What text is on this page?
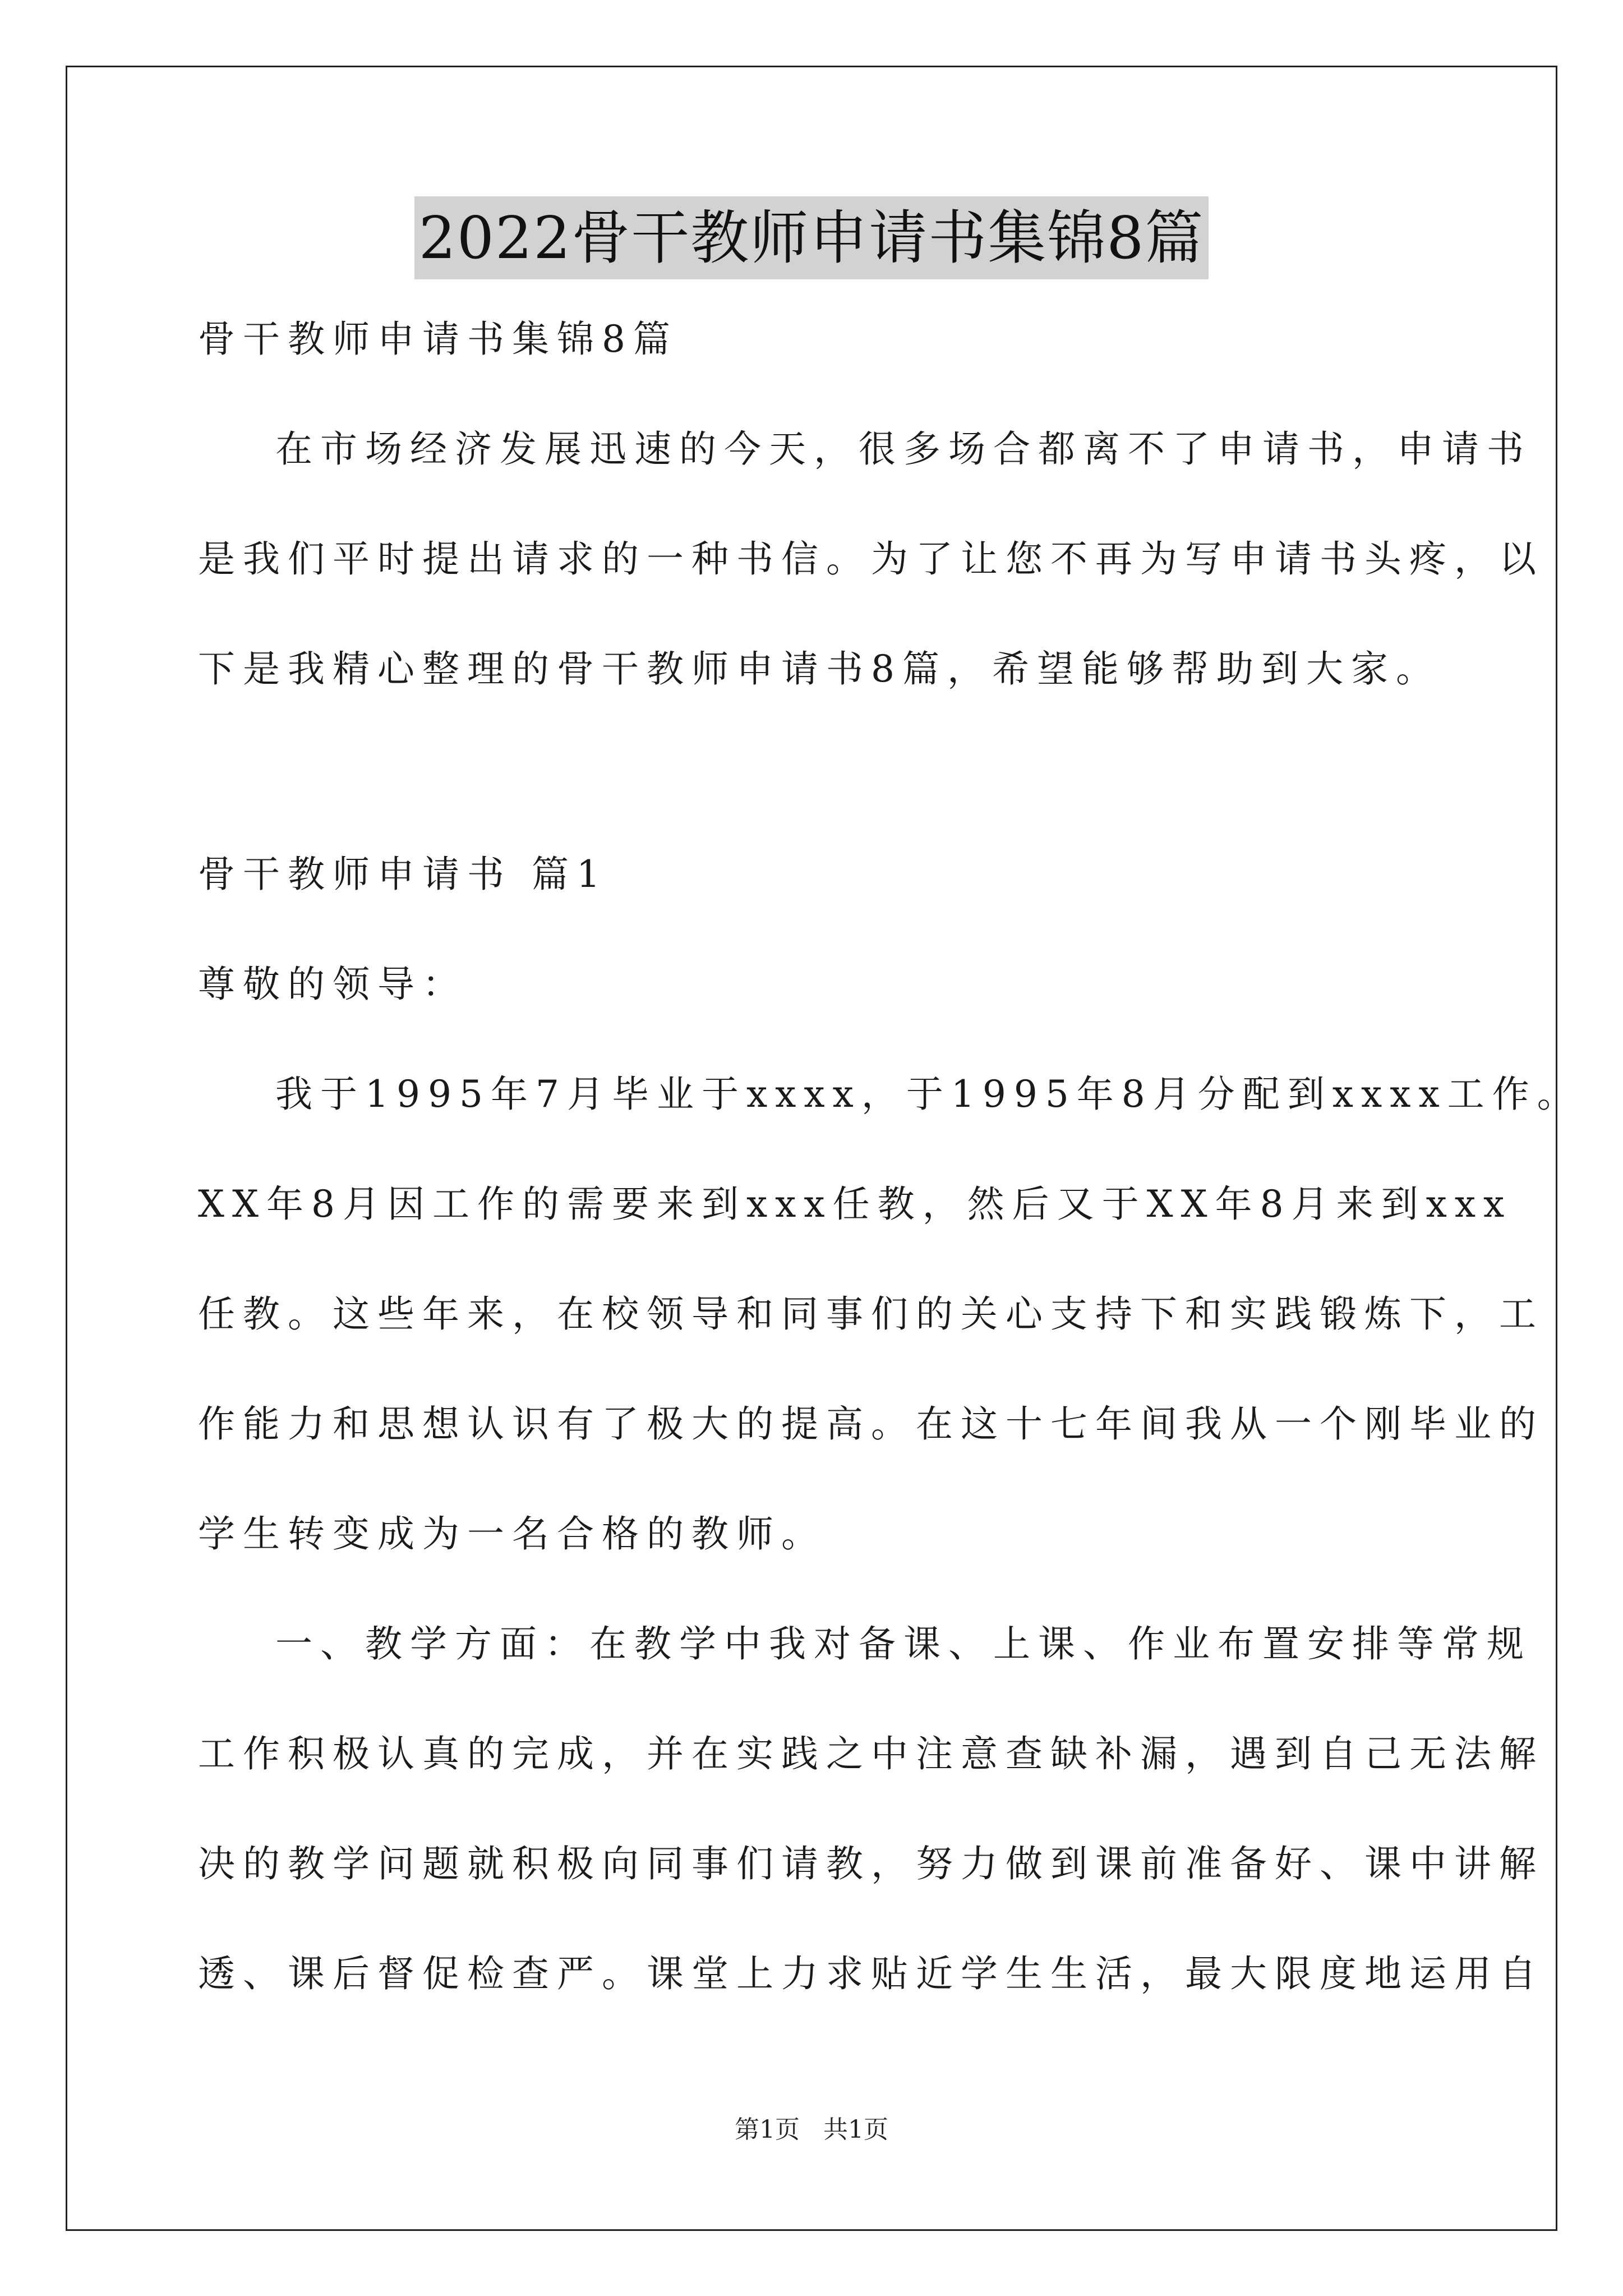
2022骨干教师申请书集锦8篇
骨干教师申请书集锦8篇
在市场经济发展迅速的今天，很多场合都离不了申请书，申请书
是我们平时提出请求的一种书信。为了让您不再为写申请书头疼，以
下是我精心整理的骨干教师申请书8篇，希望能够帮助到大家。
骨干教师申请书 篇1
尊敬的领导：
我于1995年7月毕业于xxxx，于1995年8月分配到xxxx工作。
XX年8月因工作的需要来到xxx任教，然后又于XX年8月来到xxx
任教。这些年来，在校领导和同事们的关心支持下和实践锻炼下，工
作能力和思想认识有了极大的提高。在这十七年间我从一个刚毕业的
学生转变成为一名合格的教师。
一、教学方面：在教学中我对备课、上课、作业布置安排等常规
工作积极认真的完成，并在实践之中注意查缺补漏，遇到自己无法解
决的教学问题就积极向同事们请教，努力做到课前准备好、课中讲解
透、课后督促检查严。课堂上力求贴近学生生活，最大限度地运用自
第1页 共1页
